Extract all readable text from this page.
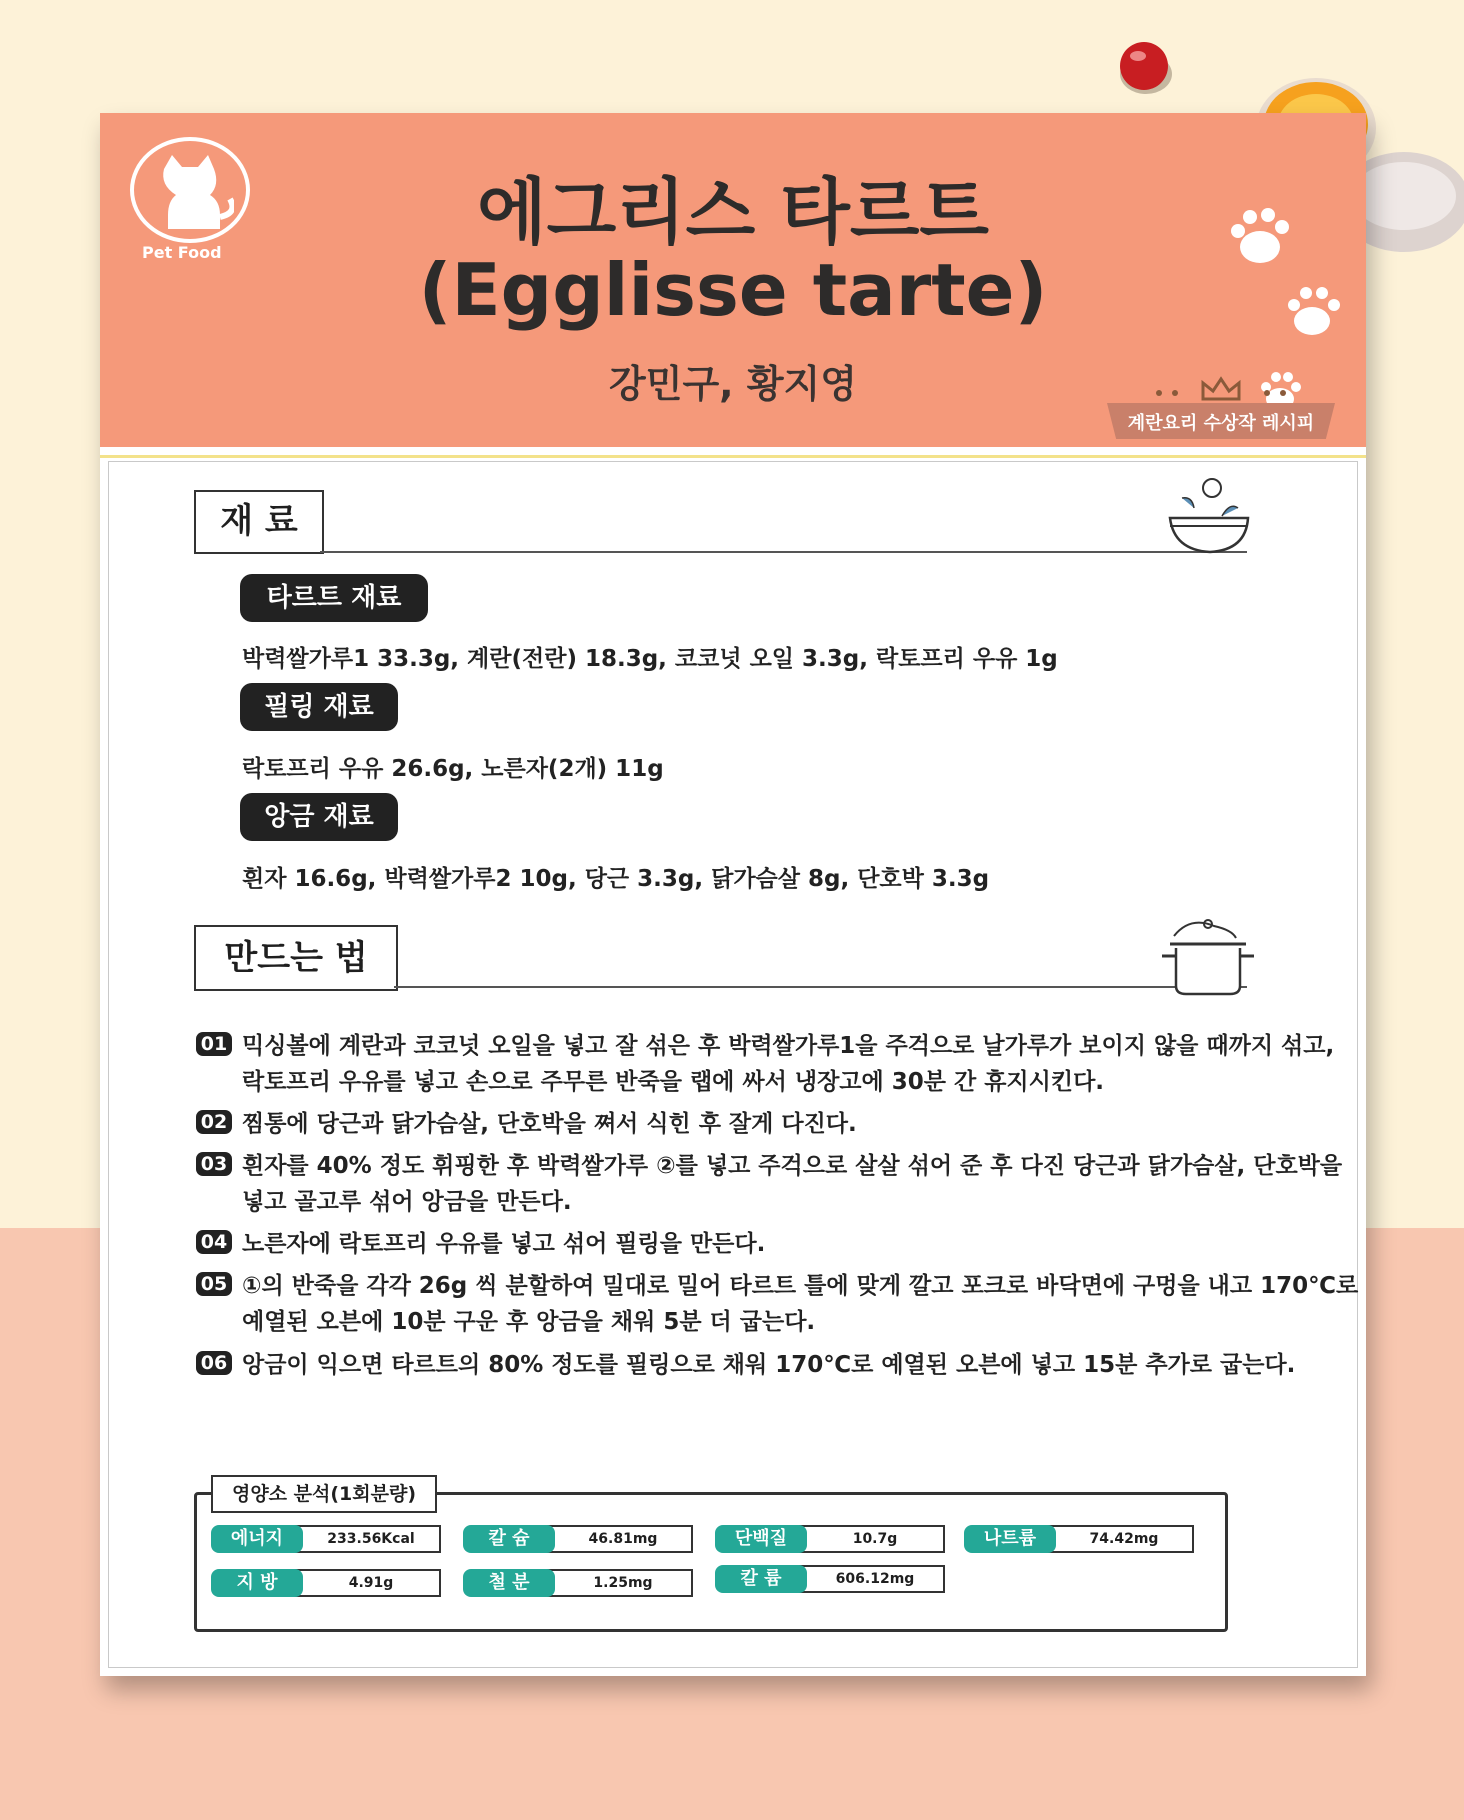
Pet Food	에그리스 타르트
(Egglisse tarte)
강민구, 황지영
계란요리 수상작 레시피
재 료
타르트 재료
박력쌀가루1 33.3g, 계란(전란) 18.3g, 코코넛 오일 3.3g, 락토프리 우유 1g
필링 재료
락토프리 우유 26.6g, 노른자(2개) 11g
앙금 재료
흰자 16.6g, 박력쌀가루2 10g, 당근 3.3g, 닭가슴살 8g, 단호박 3.3g
만드는 법
01 믹싱볼에 계란과 코코넛 오일을 넣고 잘 섞은 후 박력쌀가루1을 주걱으로 날가루가 보이지 않을 때까지 섞고, 락토프리 우유를 넣고 손으로 주무른 반죽을 랩에 싸서 냉장고에 30분 간 휴지시킨다.
02 찜통에 당근과 닭가슴살, 단호박을 쪄서 식힌 후 잘게 다진다.
03 흰자를 40% 정도 휘핑한 후 박력쌀가루 ②를 넣고 주걱으로 살살 섞어 준 후 다진 당근과 닭가슴살, 단호박을 넣고 골고루 섞어 앙금을 만든다.
04 노른자에 락토프리 우유를 넣고 섞어 필링을 만든다.
05 ①의 반죽을 각각 26g 씩 분할하여 밀대로 밀어 타르트 틀에 맞게 깔고 포크로 바닥면에 구멍을 내고 170℃로 예열된 오븐에 10분 구운 후 앙금을 채워 5분 더 굽는다.
06 앙금이 익으면 타르트의 80% 정도를 필링으로 채워 170℃로 예열된 오븐에 넣고 15분 추가로 굽는다.
영양소 분석(1회분량)
에너지	233.56Kcal	칼 슘	46.81mg	단백질	10.7g	나트륨	74.42mg
지 방	4.91g	철 분	1.25mg	칼 륨	606.12mg
